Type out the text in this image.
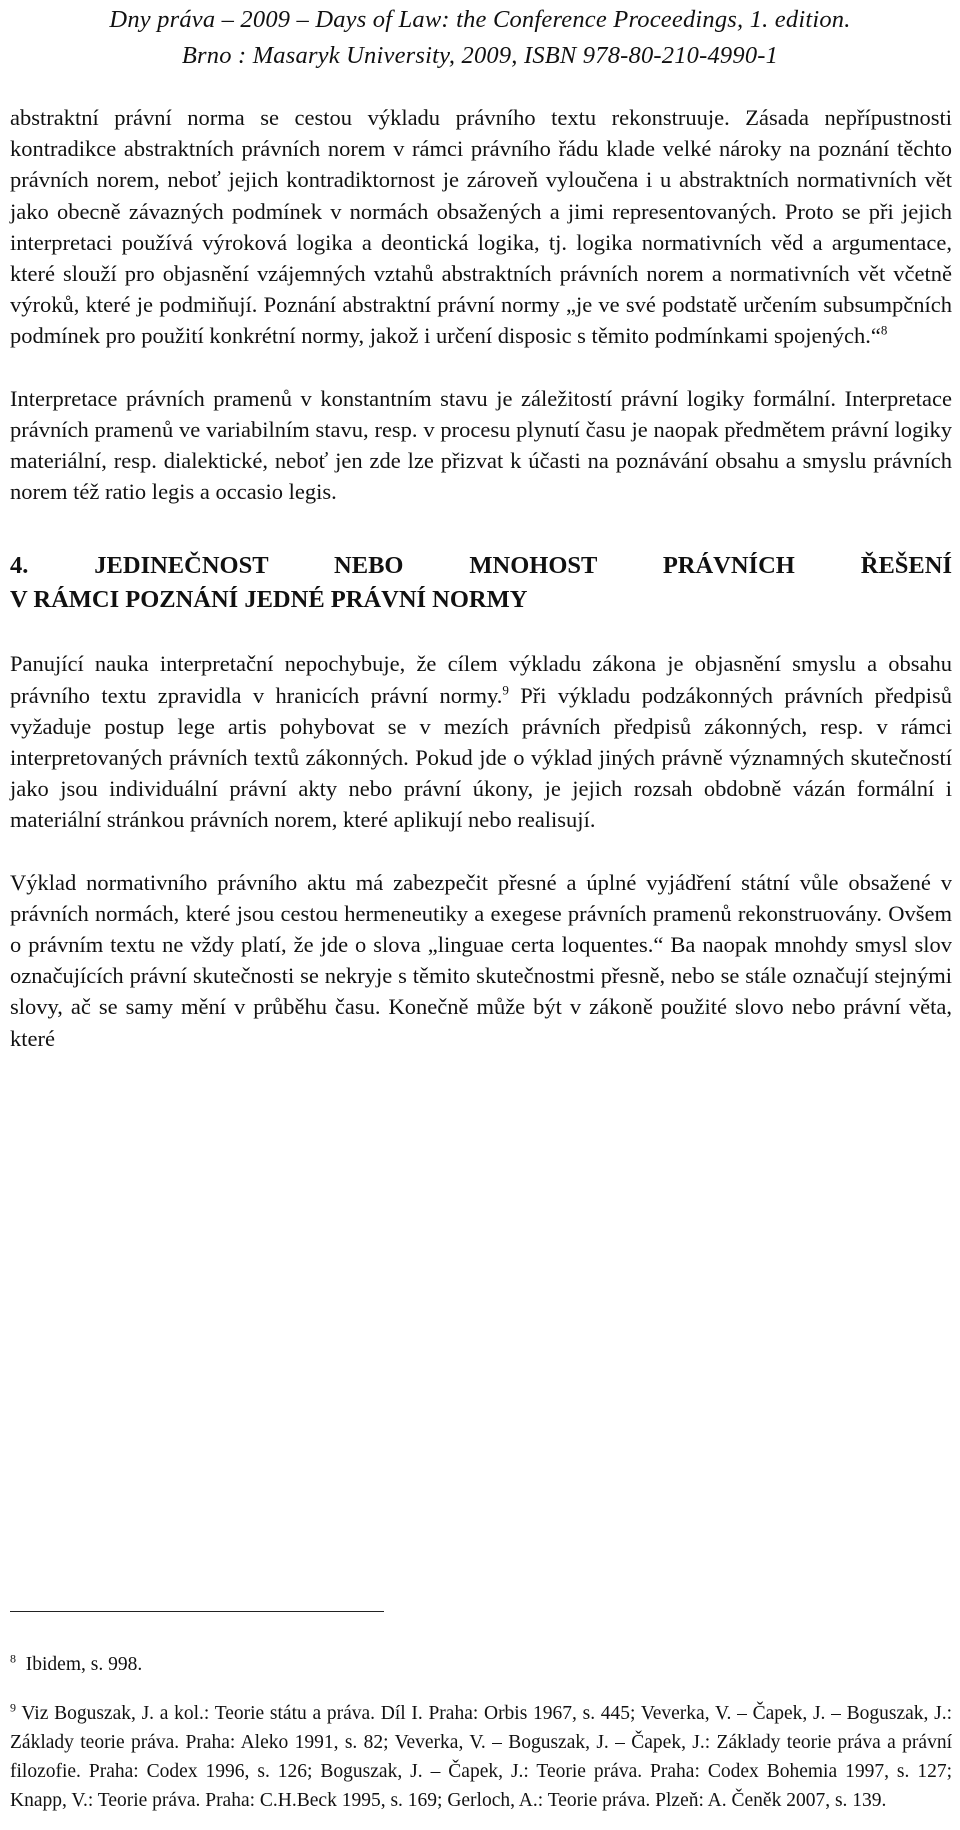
Dny práva – 2009 – Days of Law: the Conference Proceedings, 1. edition.
Brno : Masaryk University, 2009, ISBN 978-80-210-4990-1

abstraktní právní norma se cestou výkladu právního textu rekonstruuje. Zásada nepřípustnosti kontradikce abstraktních právních norem v rámci právního řádu klade velké nároky na poznání těchto právních norem, neboť jejich kontradiktornost je zároveň vyloučena i u abstraktních normativních vět jako obecně závazných podmínek v normách obsažených a jimi representovaných. Proto se při jejich interpretaci používá výroková logika a deontická logika, tj. logika normativních věd a argumentace, které slouží pro objasnění vzájemných vztahů abstraktních právních norem a normativních vět včetně výroků, které je podmiňují. Poznání abstraktní právní normy „je ve své podstatě určením subsumpčních podmínek pro použití konkrétní normy, jakož i určení disposic s těmito podmínkami spojených.“$^8$

Interpretace právních pramenů v konstantním stavu je záležitostí právní logiky formální. Interpretace právních pramenů ve variabilním stavu, resp. v procesu plynutí času je naopak předmětem právní logiky materiální, resp. dialektické, neboť jen zde lze přizvat k účasti na poznávání obsahu a smyslu právních norem též ratio legis a occasio legis.

4. JEDINEČNOST NEBO MNOHOST PRÁVNÍCH ŘEŠENÍ
V RÁMCI POZNÁNÍ JEDNÉ PRÁVNÍ NORMY

Panující nauka interpretační nepochybuje, že cílem výkladu zákona je objasnění smyslu a obsahu právního textu zpravidla v hranicích právní normy.$^9$ Při výkladu podzákonných právních předpisů vyžaduje postup lege artis pohybovat se v mezích právních předpisů zákonných, resp. v rámci interpretovaných právních textů zákonných. Pokud jde o výklad jiných právně významných skutečností jako jsou individuální právní akty nebo právní úkony, je jejich rozsah obdobně vázán formální i materiální stránkou právních norem, které aplikují nebo realisují.

Výklad normativního právního aktu má zabezpečit přesné a úplné vyjádření státní vůle obsažené v právních normách, které jsou cestou hermeneutiky a exegese právních pramenů rekonstruovány. Ovšem o právním textu ne vždy platí, že jde o slova „linguae certa loquentes.“ Ba naopak mnohdy smysl slov označujících právní skutečnosti se nekryje s těmito skutečnostmi přesně, nebo se stále označují stejnými slovy, ač se samy mění v průběhu času. Konečně může být v zákoně použité slovo nebo právní věta, které

$^8$ Ibidem, s. 998.
$^9$ Viz Boguszak, J. a kol.: Teorie státu a práva. Díl I. Praha: Orbis 1967, s. 445; Veverka, V. – Čapek, J. – Boguszak, J.: Základy teorie práva. Praha: Aleko 1991, s. 82; Veverka, V. – Boguszak, J. – Čapek, J.: Základy teorie práva a právní filozofie. Praha: Codex 1996, s. 126; Boguszak, J. – Čapek, J.: Teorie práva. Praha: Codex Bohemia 1997, s. 127; Knapp, V.: Teorie práva. Praha: C.H.Beck 1995, s. 169; Gerloch, A.: Teorie práva. Plzeň: A. Čeněk 2007, s. 139.
